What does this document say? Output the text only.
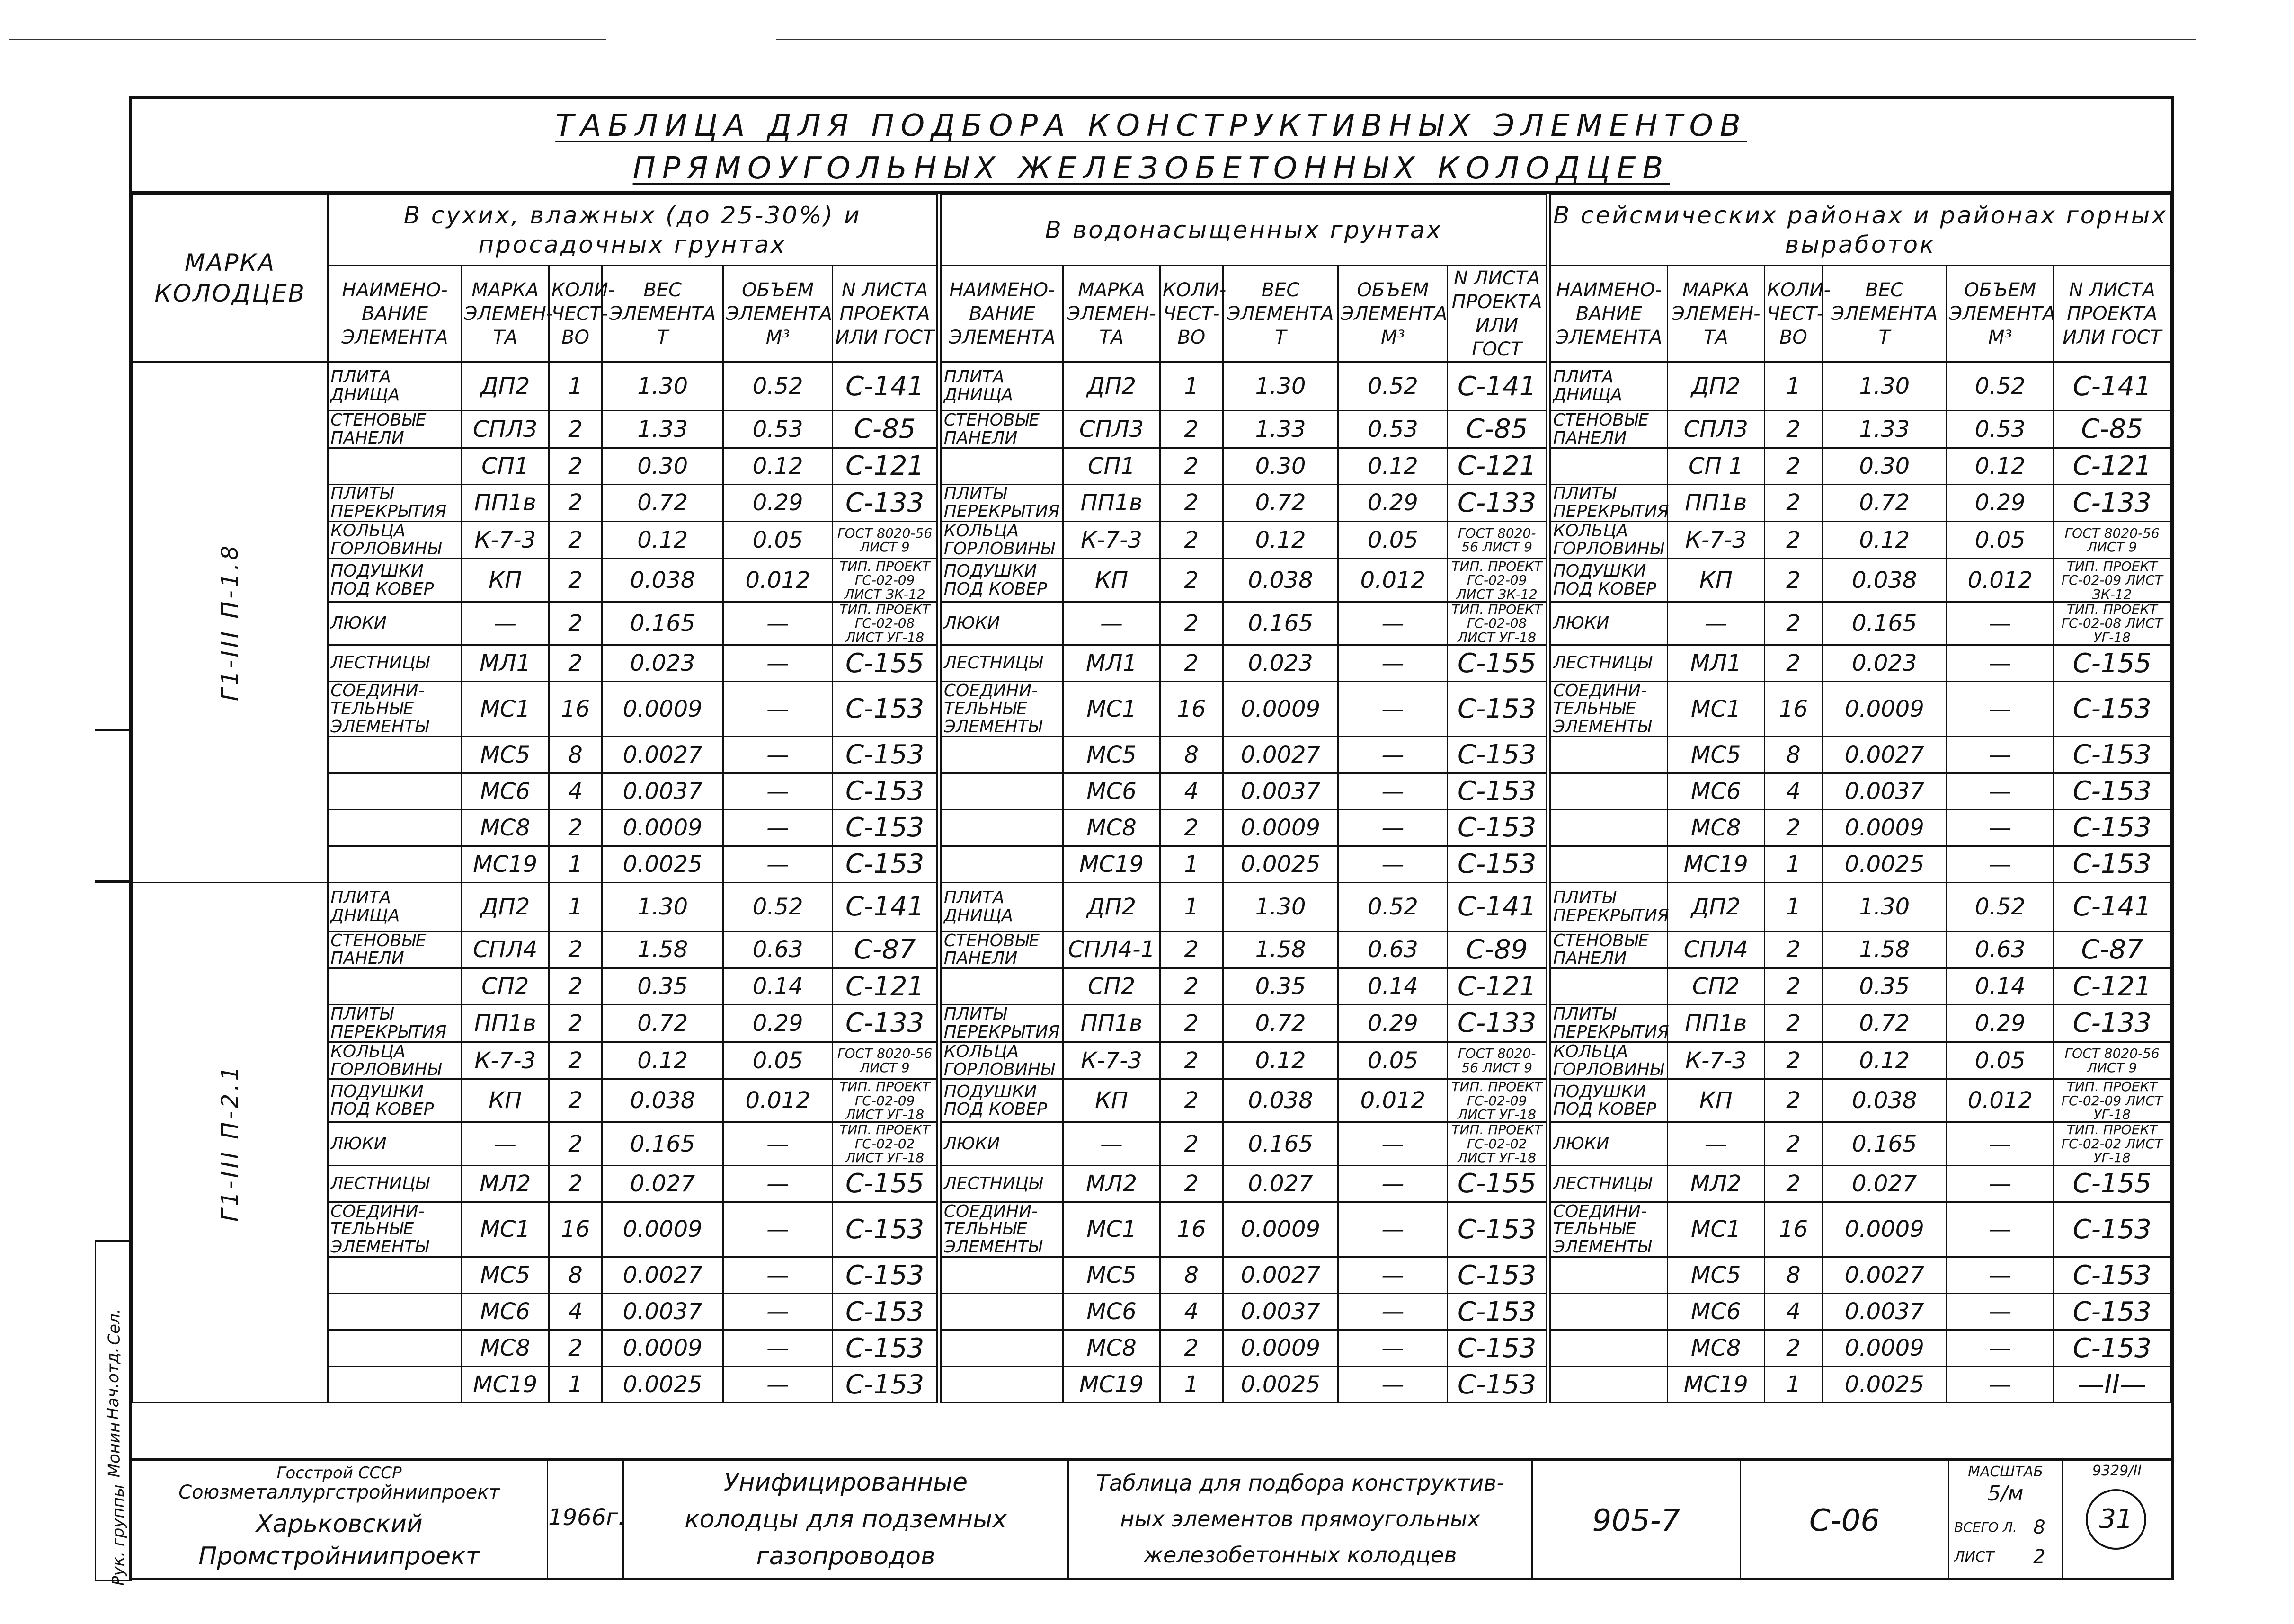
ТАБЛИЦА ДЛЯ ПОДБОРА КОНСТРУКТИВНЫХ ЭЛЕМЕНТОВ
ПРЯМОУГОЛЬНЫХ ЖЕЛЕЗОБЕТОННЫХ КОЛОДЦЕВ
МАРКА КОЛОДЦЕВ	В сухих, влажных (до 25-30%) и просадочных грунтах						В водонасыщенных грунтах						В сейсмических районах и районах горных выработок					
	НАИМЕНО-ВАНИЕ ЭЛЕМЕНТА	МАРКА ЭЛЕМЕН-ТА	КОЛИ-ЧЕСТ-ВО	ВЕС ЭЛЕМЕНТА Т	ОБЪЕМ ЭЛЕМЕНТА М³	N ЛИСТА ПРОЕКТА ИЛИ ГОСТ	НАИМЕНО-ВАНИЕ ЭЛЕМЕНТА	МАРКА ЭЛЕМЕН-ТА	КОЛИ-ЧЕСТ-ВО	ВЕС ЭЛЕМЕНТА Т	ОБЪЕМ ЭЛЕМЕНТА М³	N ЛИСТА ПРОЕКТА ИЛИ ГОСТ	НАИМЕНО-ВАНИЕ ЭЛЕМЕНТА	МАРКА ЭЛЕМЕН-ТА	КОЛИ-ЧЕСТ-ВО	ВЕС ЭЛЕМЕНТА Т	ОБЪЕМ ЭЛЕМЕНТА М³	N ЛИСТА ПРОЕКТА ИЛИ ГОСТ
Г1-III П-1.8	ПЛИТА ДНИЩА	ДП2	1	1.30	0.52	С-141	ПЛИТА ДНИЩА	ДП2	1	1.30	0.52	С-141	ПЛИТА ДНИЩА	ДП2	1	1.30	0.52	С-141
	СТЕНОВЫЕ ПАНЕЛИ	СПЛ3	2	1.33	0.53	С-85	СТЕНОВЫЕ ПАНЕЛИ	СПЛ3	2	1.33	0.53	С-85	СТЕНОВЫЕ ПАНЕЛИ	СПЛ3	2	1.33	0.53	С-85
		СП1	2	0.30	0.12	С-121		СП1	2	0.30	0.12	С-121		СП 1	2	0.30	0.12	С-121
	ПЛИТЫ ПЕРЕКРЫТИЯ	ПП1в	2	0.72	0.29	С-133	ПЛИТЫ ПЕРЕКРЫТИЯ	ПП1в	2	0.72	0.29	С-133	ПЛИТЫ ПЕРЕКРЫТИЯ	ПП1в	2	0.72	0.29	С-133
	КОЛЬЦА ГОРЛОВИНЫ	К-7-3	2	0.12	0.05	ГОСТ 8020-56 ЛИСТ 9	КОЛЬЦА ГОРЛОВИНЫ	К-7-3	2	0.12	0.05	ГОСТ 8020-56 ЛИСТ 9	КОЛЬЦА ГОРЛОВИНЫ	К-7-3	2	0.12	0.05	ГОСТ 8020-56 ЛИСТ 9
	ПОДУШКИ ПОД КОВЕР	КП	2	0.038	0.012	ТИП. ПРОЕКТ ГС-02-09 ЛИСТ ЗК-12	ПОДУШКИ ПОД КОВЕР	КП	2	0.038	0.012	ТИП. ПРОЕКТ ГС-02-09 ЛИСТ ЗК-12	ПОДУШКИ ПОД КОВЕР	КП	2	0.038	0.012	ТИП. ПРОЕКТ ГС-02-09 ЛИСТ ЗК-12
	ЛЮКИ	—	2	0.165	—	ТИП. ПРОЕКТ ГС-02-08 ЛИСТ УГ-18	ЛЮКИ	—	2	0.165	—	ТИП. ПРОЕКТ ГС-02-08 ЛИСТ УГ-18	ЛЮКИ	—	2	0.165	—	ТИП. ПРОЕКТ ГС-02-08 ЛИСТ УГ-18
	ЛЕСТНИЦЫ	МЛ1	2	0.023	—	С-155	ЛЕСТНИЦЫ	МЛ1	2	0.023	—	С-155	ЛЕСТНИЦЫ	МЛ1	2	0.023	—	С-155
	СОЕДИНИ-ТЕЛЬНЫЕ ЭЛЕМЕНТЫ	МС1	16	0.0009	—	С-153	СОЕДИНИ-ТЕЛЬНЫЕ ЭЛЕМЕНТЫ	МС1	16	0.0009	—	С-153	СОЕДИНИ-ТЕЛЬНЫЕ ЭЛЕМЕНТЫ	МС1	16	0.0009	—	С-153
		МС5	8	0.0027	—	С-153		МС5	8	0.0027	—	С-153		МС5	8	0.0027	—	С-153
		МС6	4	0.0037	—	С-153		МС6	4	0.0037	—	С-153		МС6	4	0.0037	—	С-153
		МС8	2	0.0009	—	С-153		МС8	2	0.0009	—	С-153		МС8	2	0.0009	—	С-153
		МС19	1	0.0025	—	С-153		МС19	1	0.0025	—	С-153		МС19	1	0.0025	—	С-153
Г1-III П-2.1	ПЛИТА ДНИЩА	ДП2	1	1.30	0.52	С-141	ПЛИТА ДНИЩА	ДП2	1	1.30	0.52	С-141	ПЛИТЫ ПЕРЕКРЫТИЯ	ДП2	1	1.30	0.52	С-141
	СТЕНОВЫЕ ПАНЕЛИ	СПЛ4	2	1.58	0.63	С-87	СТЕНОВЫЕ ПАНЕЛИ	СПЛ4-1	2	1.58	0.63	С-89	СТЕНОВЫЕ ПАНЕЛИ	СПЛ4	2	1.58	0.63	С-87
		СП2	2	0.35	0.14	С-121		СП2	2	0.35	0.14	С-121		СП2	2	0.35	0.14	С-121
	ПЛИТЫ ПЕРЕКРЫТИЯ	ПП1в	2	0.72	0.29	С-133	ПЛИТЫ ПЕРЕКРЫТИЯ	ПП1в	2	0.72	0.29	С-133	ПЛИТЫ ПЕРЕКРЫТИЯ	ПП1в	2	0.72	0.29	С-133
	КОЛЬЦА ГОРЛОВИНЫ	К-7-3	2	0.12	0.05	ГОСТ 8020-56 ЛИСТ 9	КОЛЬЦА ГОРЛОВИНЫ	К-7-3	2	0.12	0.05	ГОСТ 8020-56 ЛИСТ 9	КОЛЬЦА ГОРЛОВИНЫ	К-7-3	2	0.12	0.05	ГОСТ 8020-56 ЛИСТ 9
	ПОДУШКИ ПОД КОВЕР	КП	2	0.038	0.012	ТИП. ПРОЕКТ ГС-02-09 ЛИСТ УГ-18	ПОДУШКИ ПОД КОВЕР	КП	2	0.038	0.012	ТИП. ПРОЕКТ ГС-02-09 ЛИСТ УГ-18	ПОДУШКИ ПОД КОВЕР	КП	2	0.038	0.012	ТИП. ПРОЕКТ ГС-02-09 ЛИСТ УГ-18
	ЛЮКИ	—	2	0.165	—	ТИП. ПРОЕКТ ГС-02-02 ЛИСТ УГ-18	ЛЮКИ	—	2	0.165	—	ТИП. ПРОЕКТ ГС-02-02 ЛИСТ УГ-18	ЛЮКИ	—	2	0.165	—	ТИП. ПРОЕКТ ГС-02-02 ЛИСТ УГ-18
	ЛЕСТНИЦЫ	МЛ2	2	0.027	—	С-155	ЛЕСТНИЦЫ	МЛ2	2	0.027	—	С-155	ЛЕСТНИЦЫ	МЛ2	2	0.027	—	С-155
	СОЕДИНИ-ТЕЛЬНЫЕ ЭЛЕМЕНТЫ	МС1	16	0.0009	—	С-153	СОЕДИНИ-ТЕЛЬНЫЕ ЭЛЕМЕНТЫ	МС1	16	0.0009	—	С-153	СОЕДИНИ-ТЕЛЬНЫЕ ЭЛЕМЕНТЫ	МС1	16	0.0009	—	С-153
		МС5	8	0.0027	—	С-153		МС5	8	0.0027	—	С-153		МС5	8	0.0027	—	С-153
		МС6	4	0.0037	—	С-153		МС6	4	0.0037	—	С-153		МС6	4	0.0037	—	С-153
		МС8	2	0.0009	—	С-153		МС8	2	0.0009	—	С-153		МС8	2	0.0009	—	С-153
		МС19	1	0.0025	—	С-153		МС19	1	0.0025	—	С-153		МС19	1	0.0025	—	—II—
Рук. группы
Монин
Нач.отд.
Сел.
Госстрой СССР
Союзметаллургстройниипроект
Харьковский
Промстройниипроект
1966г.
Унифицированные
колодцы для подземных
газопроводов
Таблица для подбора конструктив-
ных элементов прямоугольных
железобетонных колодцев
905-7	С-06
МАСШТАБ
5/м
ВСЕГО Л. 8
ЛИСТ	2
9329/II
31
